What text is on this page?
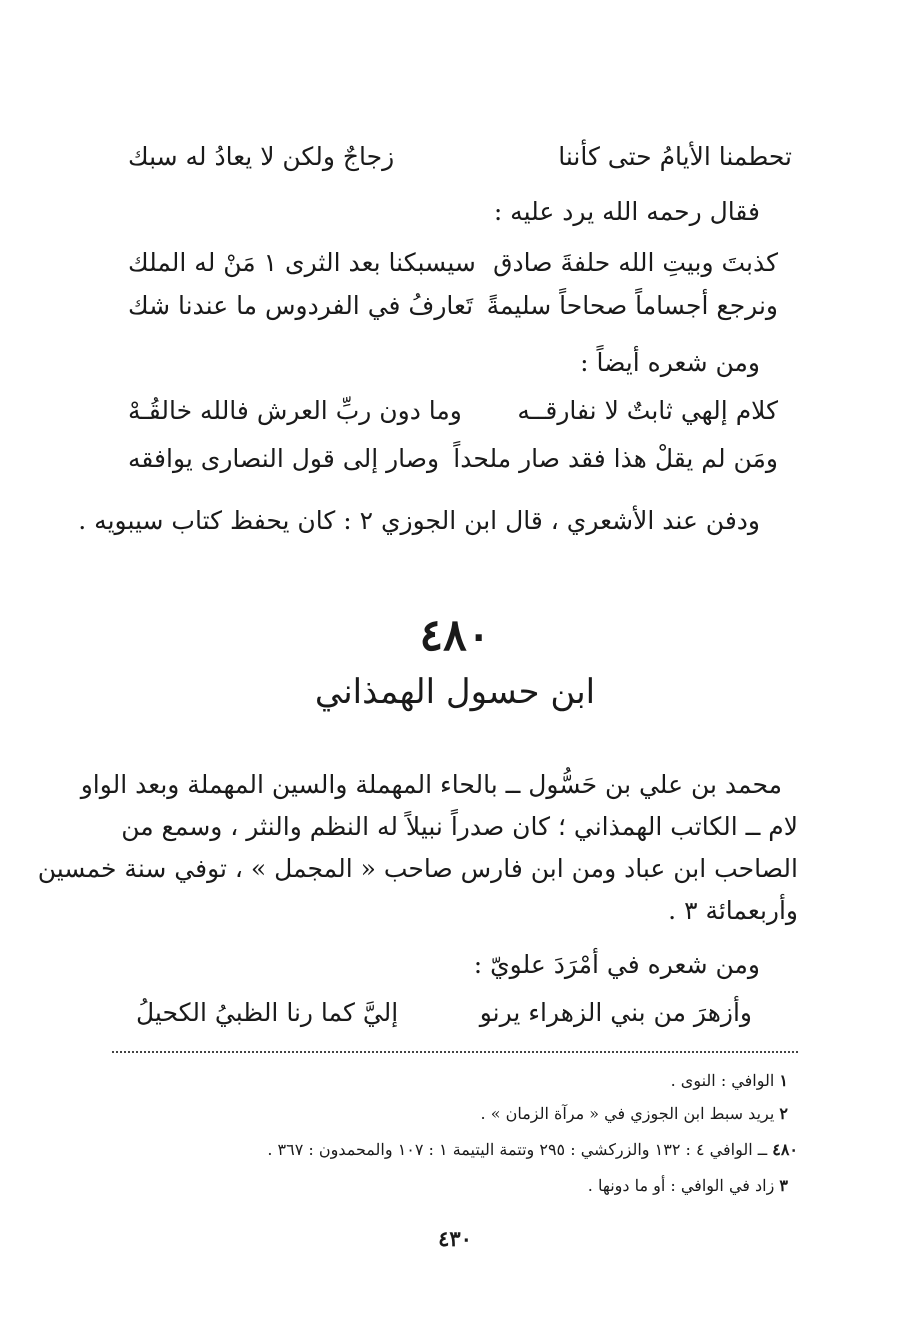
تحطمنا الأيامُ حتى كأننا
زجاجٌ ولكن لا يعادُ له سبك
فقال رحمه الله يرد عليه :
كذبتَ وبيتِ الله حلفةَ صادق
سيسبكنا بعد الثرى ١ مَنْ له الملك
ونرجع أجساماً صحاحاً سليمةً
تَعارفُ في الفردوس ما عندنا شك
ومن شعره أيضاً :
كلام إلهي ثابتٌ لا نفارقــه
وما دون ربِّ العرش فالله خالقُـهْ
ومَن لم يقلْ هذا فقد صار ملحداً
وصار إلى قول النصارى يوافقه
ودفن عند الأشعري ، قال ابن الجوزي ٢ : كان يحفظ كتاب سيبويه .
٤٨٠
ابن حسول الهمذاني
محمد بن علي بن حَسُّول ــ بالحاء المهملة والسين المهملة وبعد الواو
لام ــ الكاتب الهمذاني ؛ كان صدراً نبيلاً له النظم والنثر ، وسمع من
الصاحب ابن عباد ومن ابن فارس صاحب « المجمل » ، توفي سنة خمسين
وأربعمائة ٣ .
ومن شعره في أمْرَدَ علويّ :
وأزهرَ من بني الزهراء يرنو
إليَّ كما رنا الظبيُ الكحيلُ
١ الوافي : النوى .
٢ يريد سبط ابن الجوزي في « مرآة الزمان » .
٤٨٠ ــ الوافي ٤ : ١٣٢ والزركشي : ٢٩٥ وتتمة اليتيمة ١ : ١٠٧ والمحمدون : ٣٦٧ .
٣ زاد في الوافي : أو ما دونها .
٤٣٠
